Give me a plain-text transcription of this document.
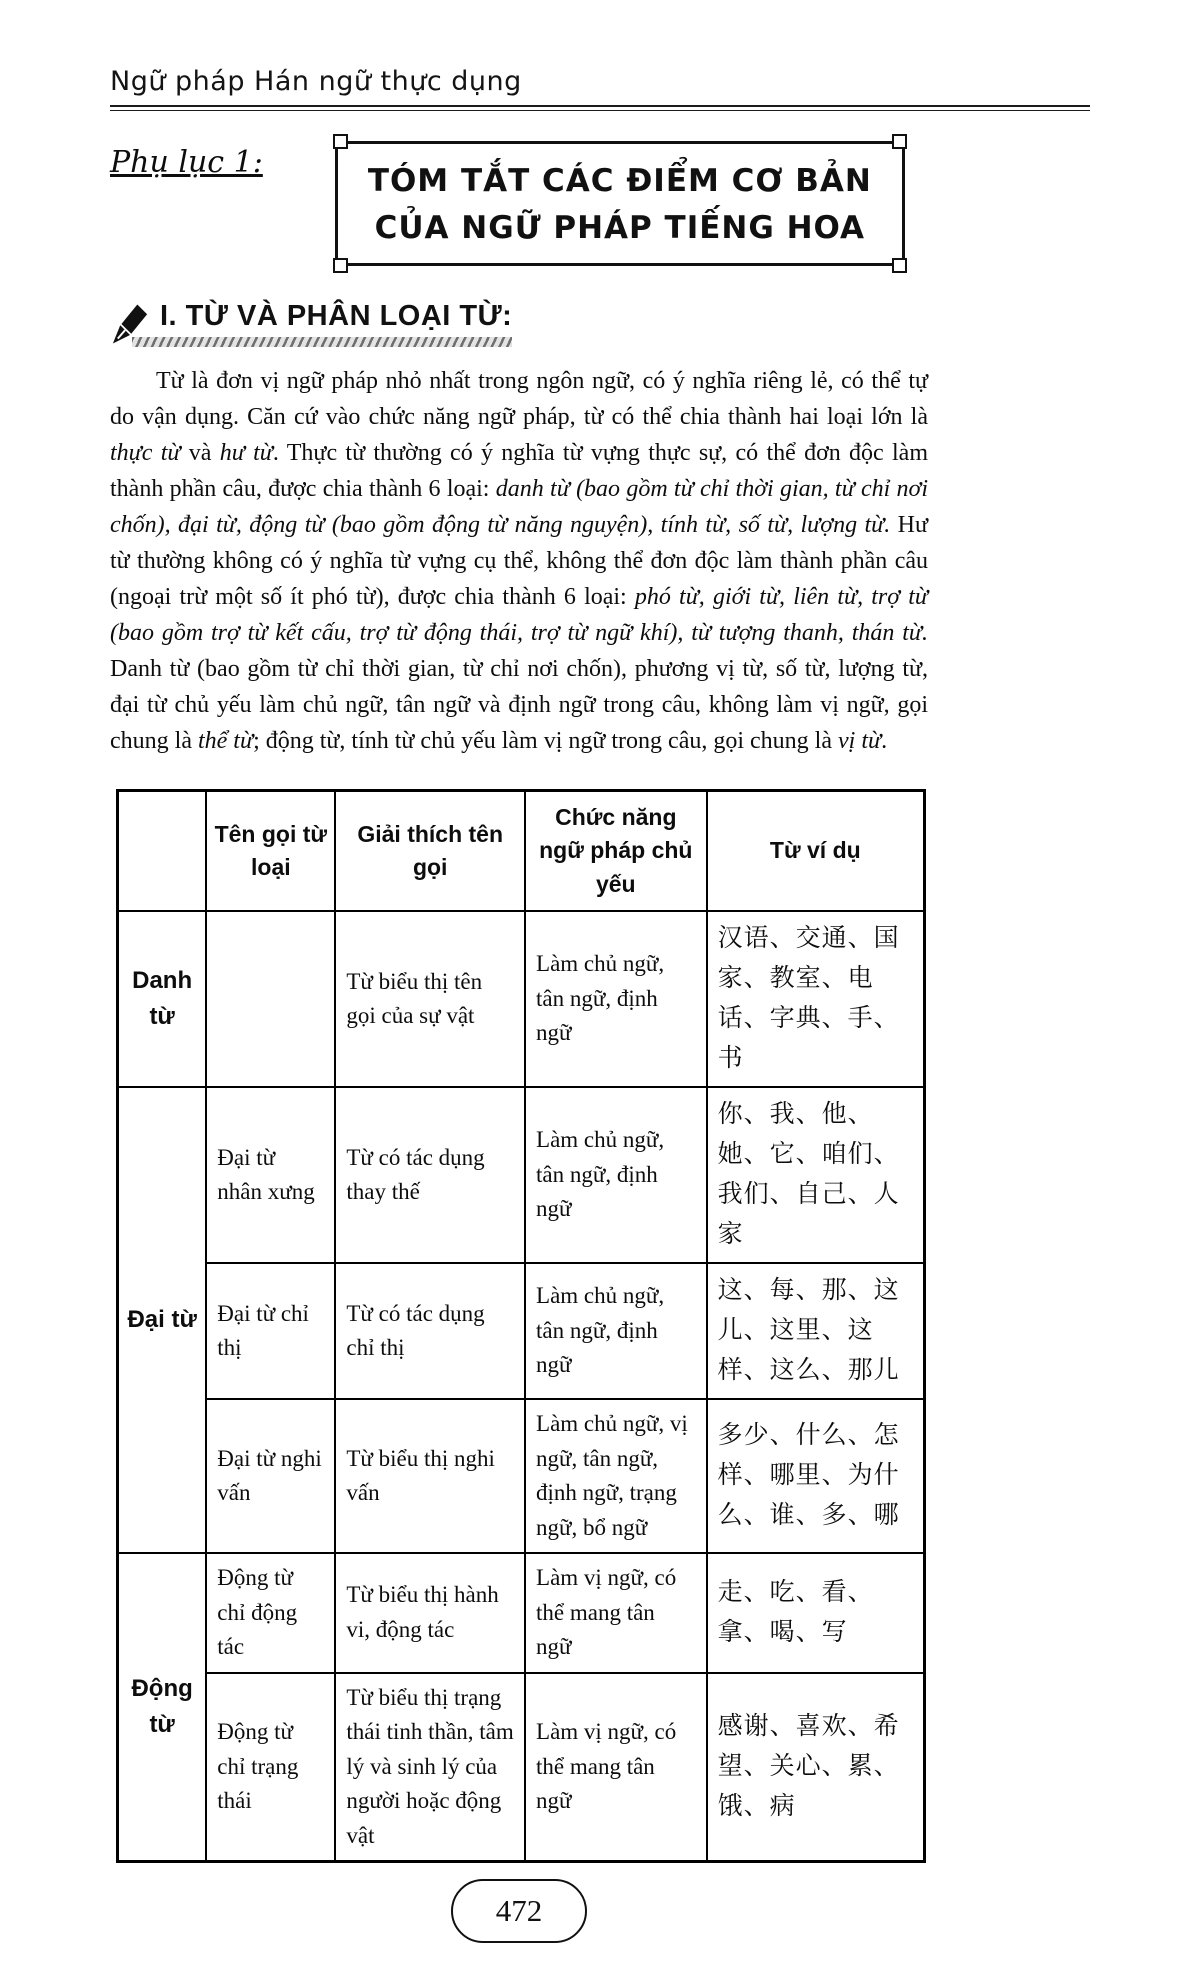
Ngữ pháp Hán ngữ thực dụng
Phụ lục 1:
TÓM TẮT CÁC ĐIỂM CƠ BẢN
CỦA NGỮ PHÁP TIẾNG HOA
I. TỪ VÀ PHÂN LOẠI TỪ:

Từ là đơn vị ngữ pháp nhỏ nhất trong ngôn ngữ, có ý nghĩa riêng lẻ, có thể tự do vận dụng. Căn cứ vào chức năng ngữ pháp, từ có thể chia thành hai loại lớn là thực từ và hư từ. Thực từ thường có ý nghĩa từ vựng thực sự, có thể đơn độc làm thành phần câu, được chia thành 6 loại: danh từ (bao gồm từ chỉ thời gian, từ chỉ nơi chốn), đại từ, động từ (bao gồm động từ năng nguyện), tính từ, số từ, lượng từ. Hư từ thường không có ý nghĩa từ vựng cụ thể, không thể đơn độc làm thành phần câu (ngoại trừ một số ít phó từ), được chia thành 6 loại: phó từ, giới từ, liên từ, trợ từ (bao gồm trợ từ kết cấu, trợ từ động thái, trợ từ ngữ khí), từ tượng thanh, thán từ. Danh từ (bao gồm từ chỉ thời gian, từ chỉ nơi chốn), phương vị từ, số từ, lượng từ, đại từ chủ yếu làm chủ ngữ, tân ngữ và định ngữ trong câu, không làm vị ngữ, gọi chung là thể từ; động từ, tính từ chủ yếu làm vị ngữ trong câu, gọi chung là vị từ.

	Tên gọi từ loại	Giải thích tên gọi	Chức năng ngữ pháp chủ yếu	Từ ví dụ
Danh từ		Từ biểu thị tên gọi của sự vật	Làm chủ ngữ, tân ngữ, định ngữ	汉语、交通、国家、教室、电话、字典、手、书
Đại từ	Đại từ nhân xưng	Từ có tác dụng thay thế	Làm chủ ngữ, tân ngữ, định ngữ	你、我、他、她、它、咱们、我们、自己、人家
	Đại từ chỉ thị	Từ có tác dụng chỉ thị	Làm chủ ngữ, tân ngữ, định ngữ	这、每、那、这儿、这里、这样、这么、那儿
	Đại từ nghi vấn	Từ biểu thị nghi vấn	Làm chủ ngữ, vị ngữ, tân ngữ, định ngữ, trạng ngữ, bổ ngữ	多少、什么、怎样、哪里、为什么、谁、多、哪
Động từ	Động từ chỉ động tác	Từ biểu thị hành vi, động tác	Làm vị ngữ, có thể mang tân ngữ	走、吃、看、拿、喝、写
	Động từ chỉ trạng thái	Từ biểu thị trạng thái tinh thần, tâm lý và sinh lý của người hoặc động vật	Làm vị ngữ, có thể mang tân ngữ	感谢、喜欢、希望、关心、累、饿、病
472
